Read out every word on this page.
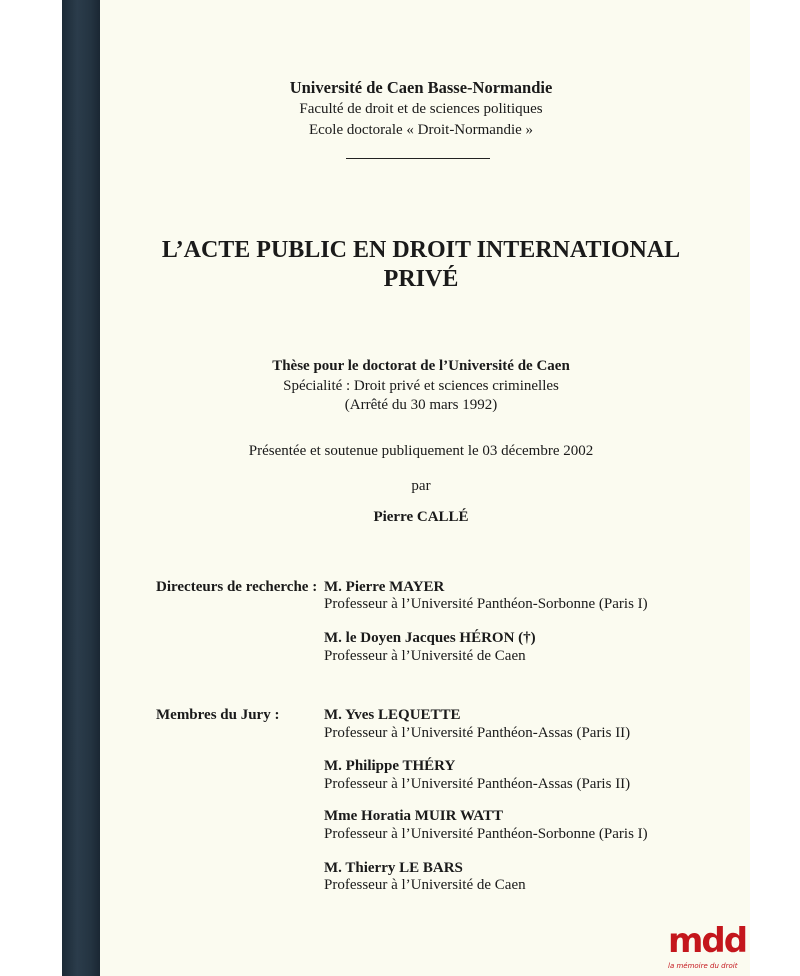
Université de Caen Basse-Normandie
Faculté de droit et de sciences politiques
Ecole doctorale « Droit-Normandie »
L’ACTE PUBLIC EN DROIT INTERNATIONAL
PRIVÉ
Thèse pour le doctorat de l’Université de Caen
Spécialité : Droit privé et sciences criminelles
(Arrêté du 30 mars 1992)
Présentée et soutenue publiquement le 03 décembre 2002
par
Pierre CALLÉ
Directeurs de recherche : M. Pierre MAYER
Professeur à l’Université Panthéon-Sorbonne (Paris I)
M. le Doyen Jacques HÉRON (†)
Professeur à l’Université de Caen
Membres du Jury :	M. Yves LEQUETTE
Professeur à l’Université Panthéon-Assas (Paris II)
M. Philippe THÉRY
Professeur à l’Université Panthéon-Assas (Paris II)
Mme Horatia MUIR WATT
Professeur à l’Université Panthéon-Sorbonne (Paris I)
M. Thierry LE BARS
Professeur à l’Université de Caen
mdd
la mémoire du droit
